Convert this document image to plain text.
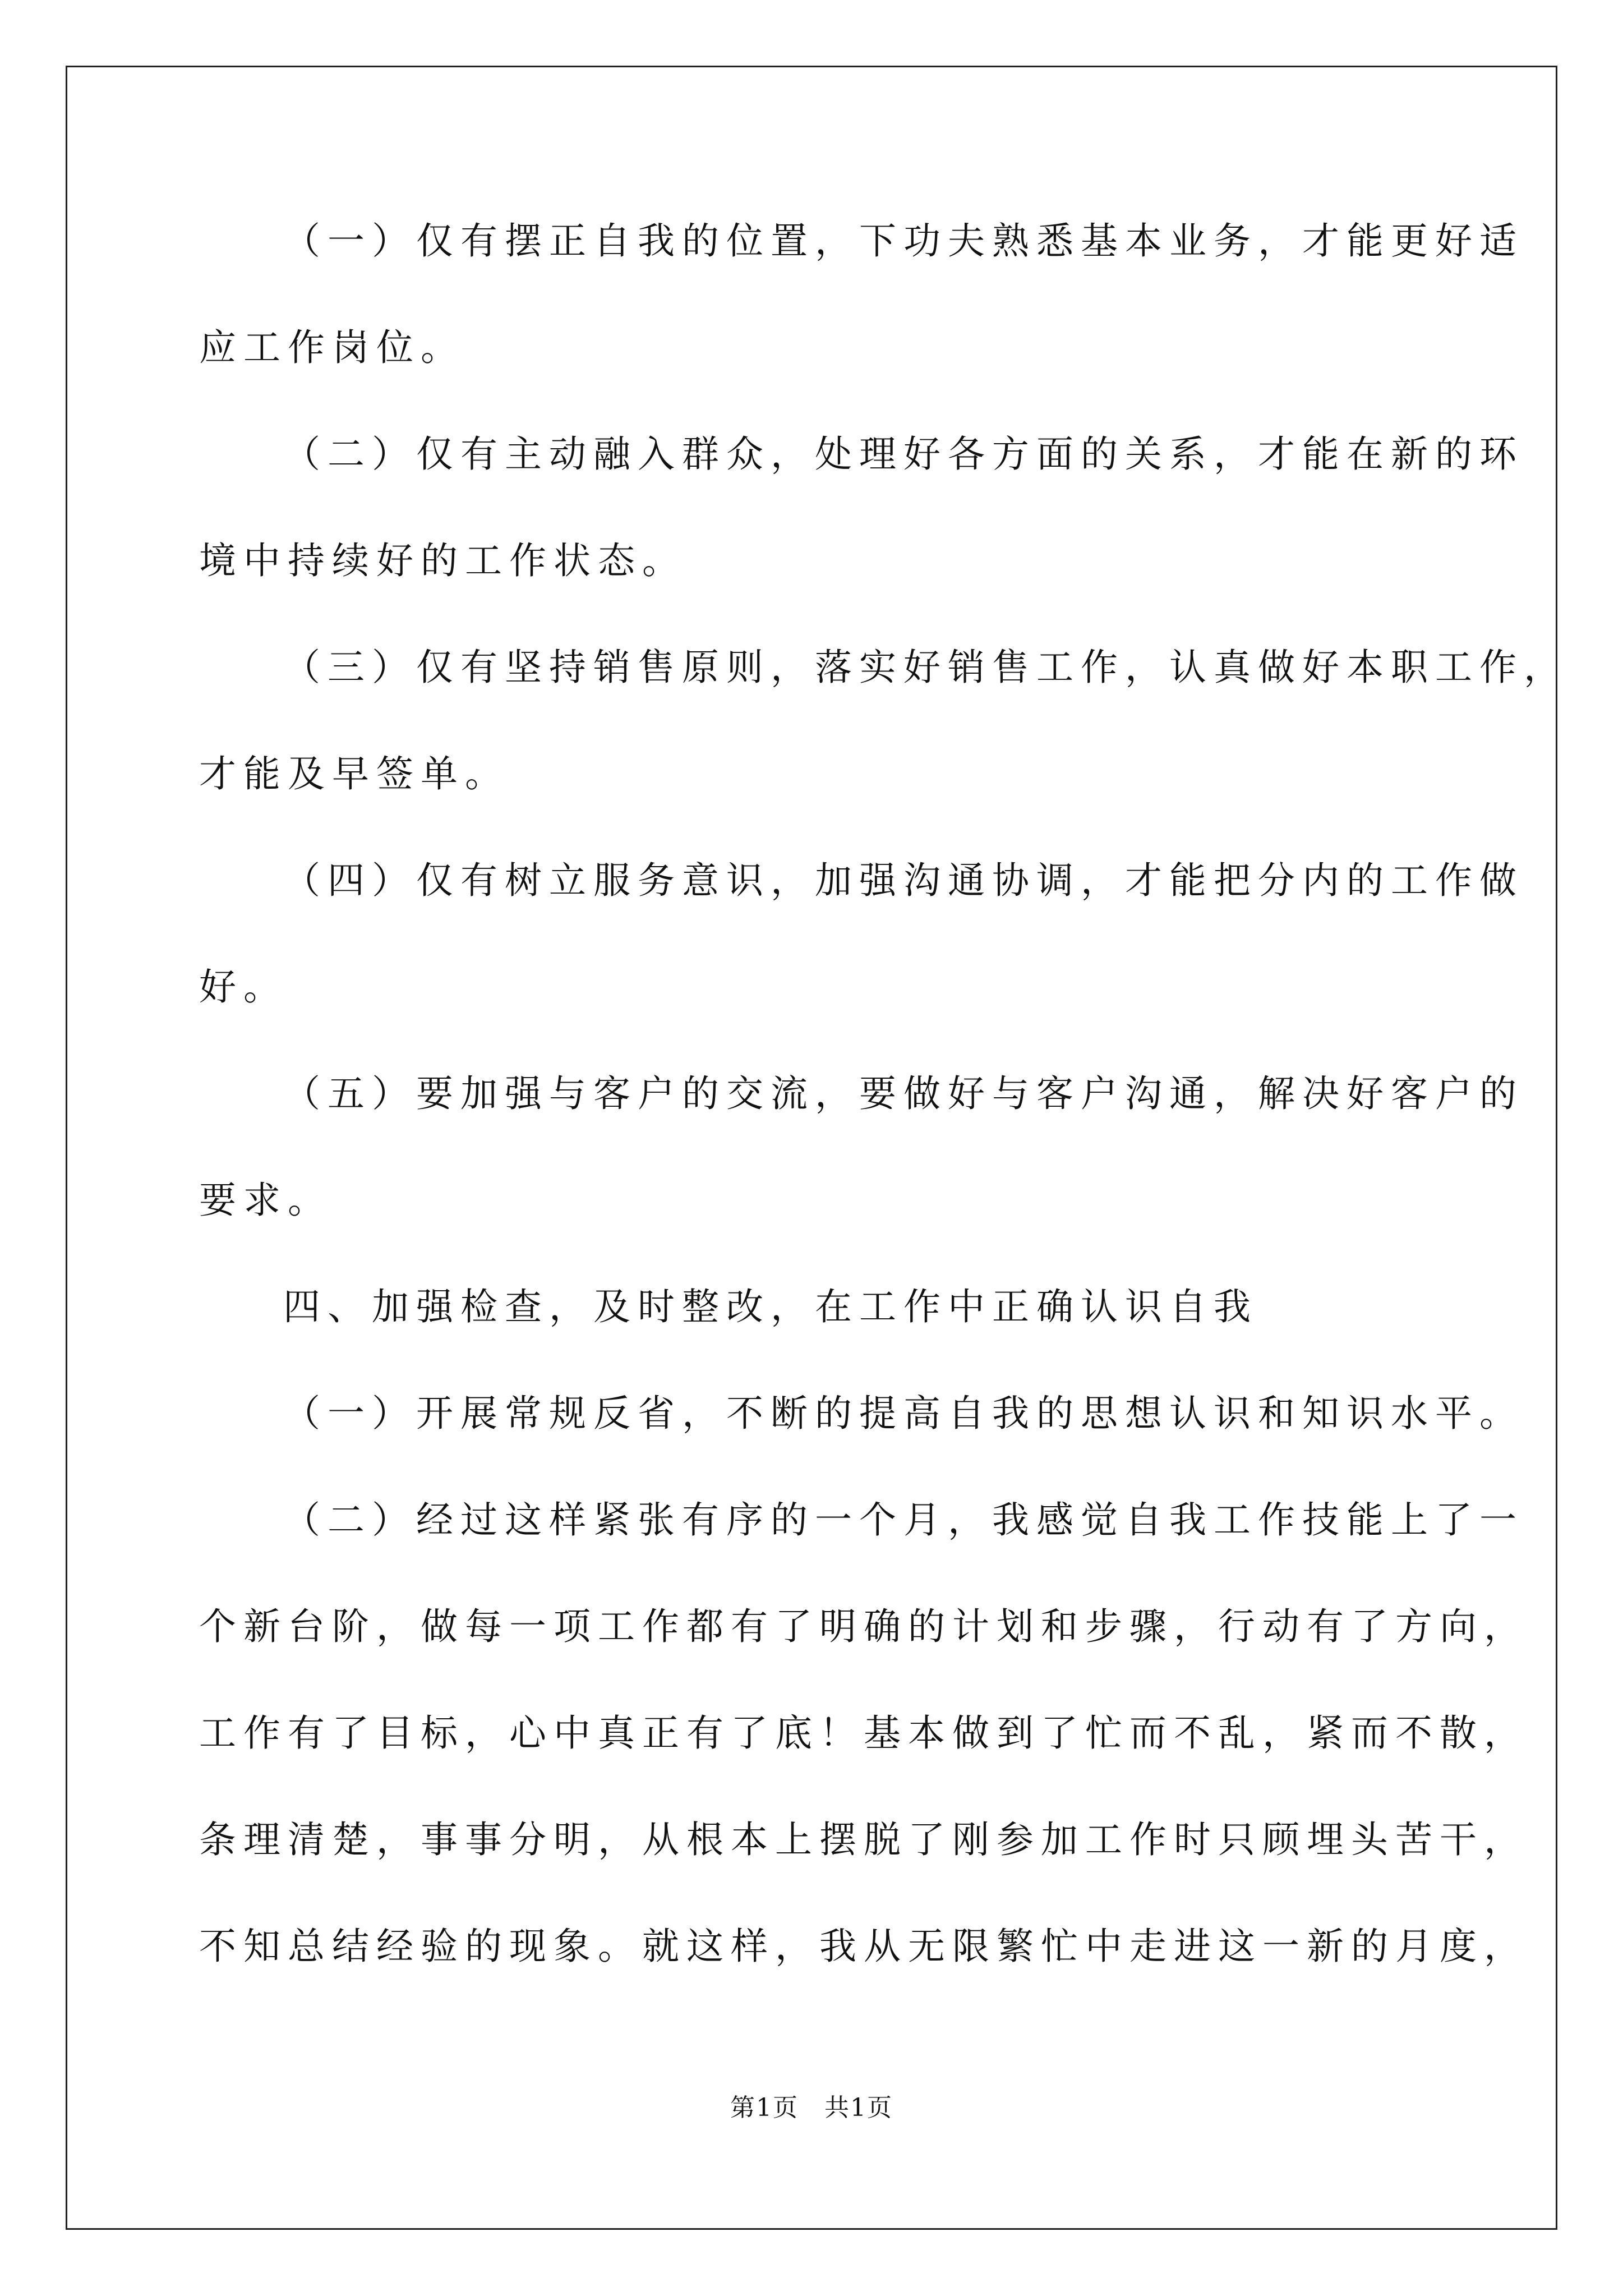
（一）仅有摆正自我的位置，下功夫熟悉基本业务，才能更好适
应工作岗位。
（二）仅有主动融入群众，处理好各方面的关系，才能在新的环
境中持续好的工作状态。
（三）仅有坚持销售原则，落实好销售工作，认真做好本职工作，
才能及早签单。
（四）仅有树立服务意识，加强沟通协调，才能把分内的工作做
好。
（五）要加强与客户的交流，要做好与客户沟通，解决好客户的
要求。
四、加强检查，及时整改，在工作中正确认识自我
（一）开展常规反省，不断的提高自我的思想认识和知识水平。
（二）经过这样紧张有序的一个月，我感觉自我工作技能上了一
个新台阶，做每一项工作都有了明确的计划和步骤，行动有了方向，
工作有了目标，心中真正有了底！基本做到了忙而不乱，紧而不散，
条理清楚，事事分明，从根本上摆脱了刚参加工作时只顾埋头苦干，
不知总结经验的现象。就这样，我从无限繁忙中走进这一新的月度，
第1页　共1页
